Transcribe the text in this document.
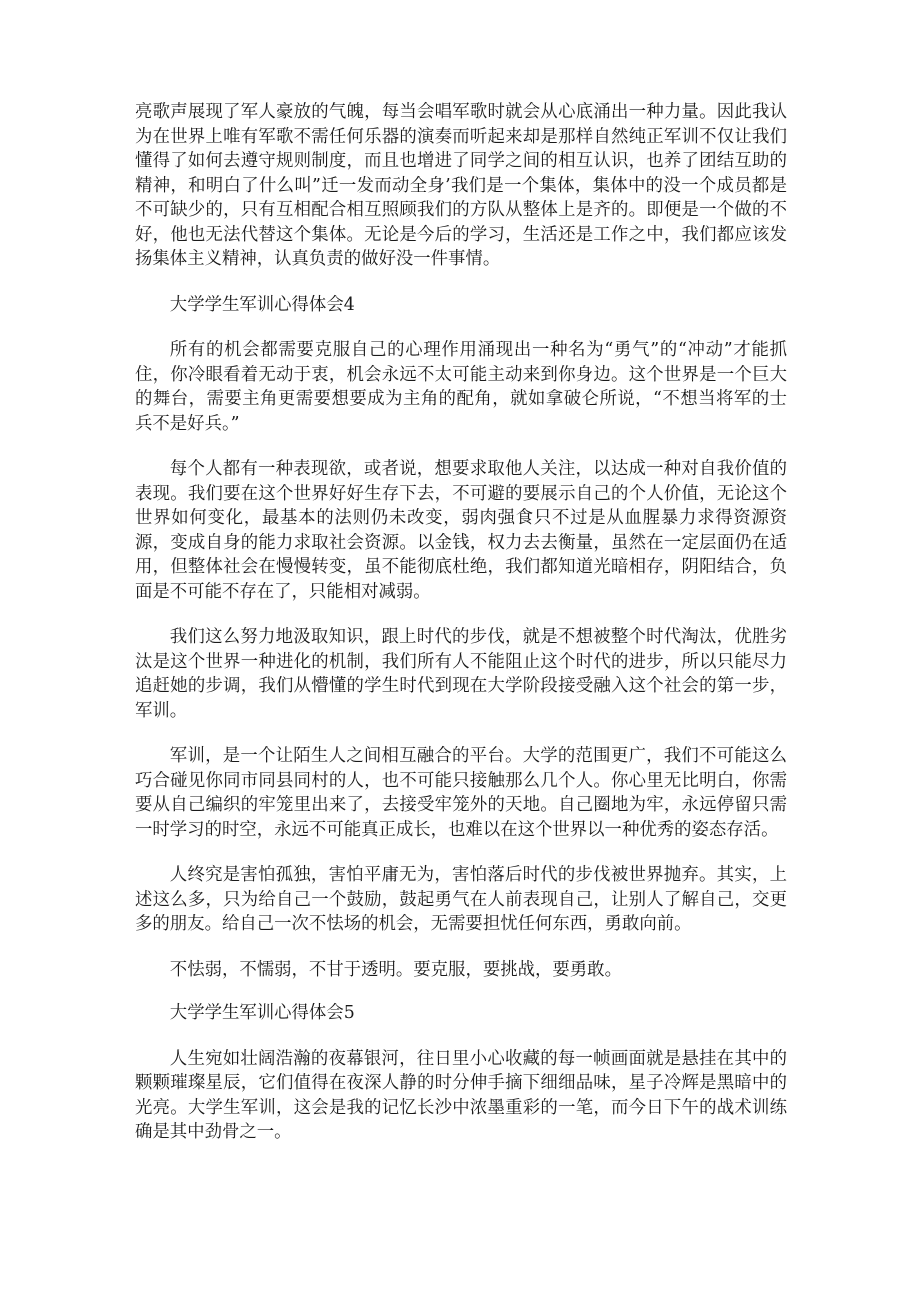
亮歌声展现了军人豪放的气魄，每当会唱军歌时就会从心底涌出一种力量。因此我认为在世界上唯有军歌不需任何乐器的演奏而听起来却是那样自然纯正军训不仅让我们懂得了如何去遵守规则制度，而且也增进了同学之间的相互认识，也养了团结互助的精神，和明白了什么叫”迁一发而动全身’我们是一个集体，集体中的没一个成员都是不可缺少的，只有互相配合相互照顾我们的方队从整体上是齐的。即便是一个做的不好，他也无法代替这个集体。无论是今后的学习，生活还是工作之中，我们都应该发扬集体主义精神，认真负责的做好没一件事情。

大学学生军训心得体会4

所有的机会都需要克服自己的心理作用涌现出一种名为“勇气”的“冲动”才能抓住，你冷眼看着无动于衷，机会永远不太可能主动来到你身边。这个世界是一个巨大的舞台，需要主角更需要想要成为主角的配角，就如拿破仑所说，“不想当将军的士兵不是好兵。”

每个人都有一种表现欲，或者说，想要求取他人关注，以达成一种对自我价值的表现。我们要在这个世界好好生存下去，不可避的要展示自己的个人价值，无论这个世界如何变化，最基本的法则仍未改变，弱肉强食只不过是从血腥暴力求得资源资源，变成自身的能力求取社会资源。以金钱，权力去去衡量，虽然在一定层面仍在适用，但整体社会在慢慢转变，虽不能彻底杜绝，我们都知道光暗相存，阴阳结合，负面是不可能不存在了，只能相对减弱。

我们这么努力地汲取知识，跟上时代的步伐，就是不想被整个时代淘汰，优胜劣汰是这个世界一种进化的机制，我们所有人不能阻止这个时代的进步，所以只能尽力追赶她的步调，我们从懵懂的学生时代到现在大学阶段接受融入这个社会的第一步，军训。

军训，是一个让陌生人之间相互融合的平台。大学的范围更广，我们不可能这么巧合碰见你同市同县同村的人，也不可能只接触那么几个人。你心里无比明白，你需要从自己编织的牢笼里出来了，去接受牢笼外的天地。自己圈地为牢，永远停留只需一时学习的时空，永远不可能真正成长，也难以在这个世界以一种优秀的姿态存活。

人终究是害怕孤独，害怕平庸无为，害怕落后时代的步伐被世界抛弃。其实，上述这么多，只为给自己一个鼓励，鼓起勇气在人前表现自己，让别人了解自己，交更多的朋友。给自己一次不怯场的机会，无需要担忧任何东西，勇敢向前。

不怯弱，不懦弱，不甘于透明。要克服，要挑战，要勇敢。

大学学生军训心得体会5

人生宛如壮阔浩瀚的夜幕银河，往日里小心收藏的每一帧画面就是悬挂在其中的颗颗璀璨星辰，它们值得在夜深人静的时分伸手摘下细细品味，星子冷辉是黑暗中的光亮。大学生军训，这会是我的记忆长沙中浓墨重彩的一笔，而今日下午的战术训练确是其中劲骨之一。
